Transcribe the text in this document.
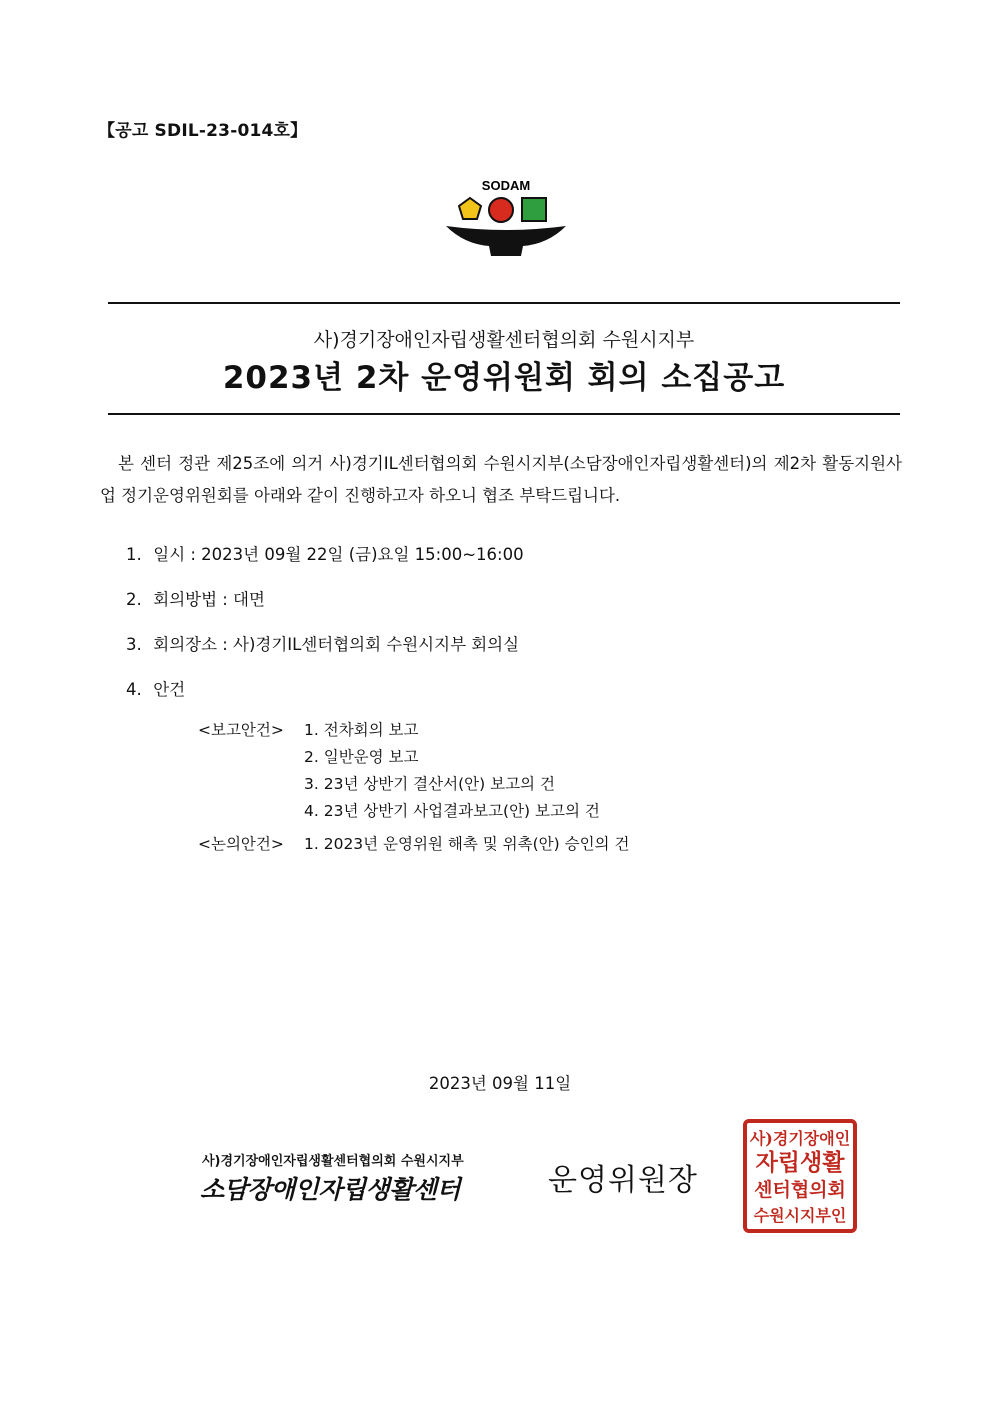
【공고 SDIL-23-014호】
SODAM
사)경기장애인자립생활센터협의회 수원시지부
2023년 2차 운영위원회 회의 소집공고
본 센터 정관 제25조에 의거 사)경기IL센터협의회 수원시지부(소담장애인자립생활센터)의 제2차 활동지원사업 정기운영위원회를 아래와 같이 진행하고자 하오니 협조 부탁드립니다.
1. 일시 : 2023년 09월 22일 (금)요일 15:00~16:00
2. 회의방법 : 대면
3. 회의장소 : 사)경기IL센터협의회 수원시지부 회의실
4. 안건
<보고안건>	1. 전차회의 보고
2. 일반운영 보고
3. 23년 상반기 결산서(안) 보고의 건
4. 23년 상반기 사업결과보고(안) 보고의 건
<논의안건>	1. 2023년 운영위원 해촉 및 위촉(안) 승인의 건
2023년 09월 11일
사)경기장애인자립생활센터협의회 수원시지부
소담장애인자립생활센터	운영위원장
사)경기장애인
자립생활
센터협의회
수원시지부인
